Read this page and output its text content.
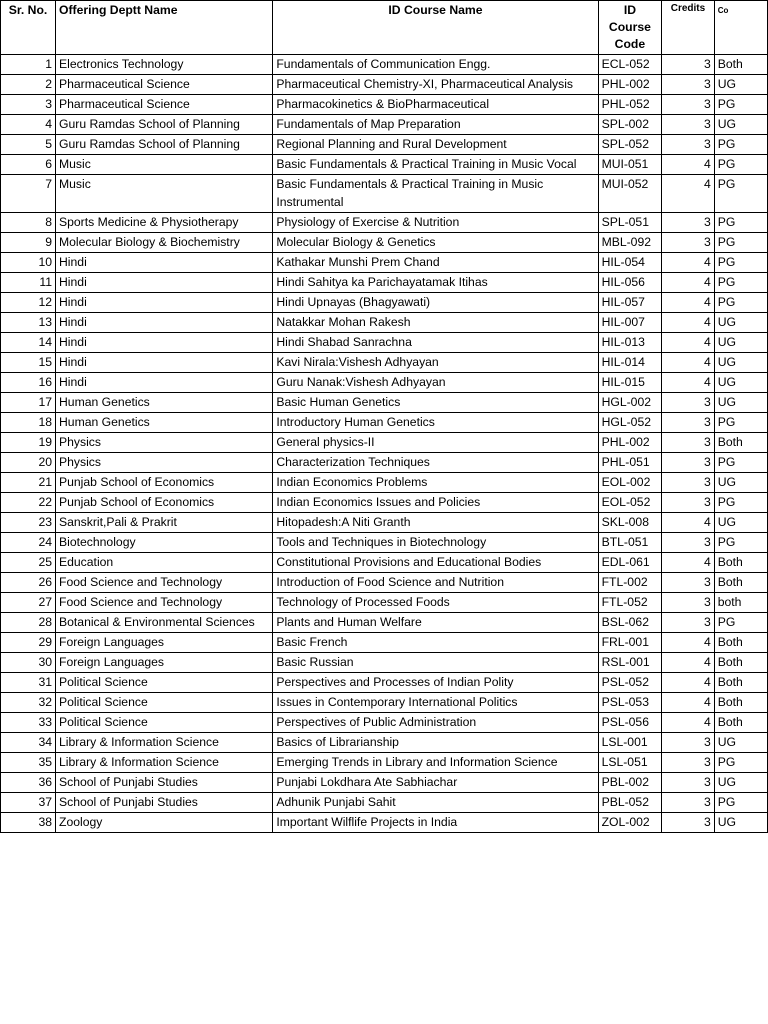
Sr. No.	Offering Deptt Name	ID Course Name	ID
Course
Code	Credits	Co
1	Electronics Technology	Fundamentals of Communication Engg.	ECL-052	3	Both
2	Pharmaceutical Science	Pharmaceutical Chemistry-XI, Pharmaceutical Analysis	PHL-002	3	UG
3	Pharmaceutical Science	Pharmacokinetics & BioPharmaceutical	PHL-052	3	PG
4	Guru Ramdas School of Planning	Fundamentals of Map Preparation	SPL-002	3	UG
5	Guru Ramdas School of Planning	Regional Planning and Rural Development	SPL-052	3	PG
6	Music	Basic Fundamentals & Practical Training in Music Vocal	MUI-051	4	PG
7	Music	Basic Fundamentals & Practical Training in Music Instrumental	MUI-052	4	PG
8	Sports Medicine & Physiotherapy	Physiology of Exercise & Nutrition	SPL-051	3	PG
9	Molecular Biology & Biochemistry	Molecular Biology & Genetics	MBL-092	3	PG
10	Hindi	Kathakar Munshi Prem Chand	HIL-054	4	PG
11	Hindi	Hindi Sahitya ka Parichayatamak Itihas	HIL-056	4	PG
12	Hindi	Hindi Upnayas (Bhagyawati)	HIL-057	4	PG
13	Hindi	Natakkar Mohan Rakesh	HIL-007	4	UG
14	Hindi	Hindi Shabad Sanrachna	HIL-013	4	UG
15	Hindi	Kavi Nirala:Vishesh Adhyayan	HIL-014	4	UG
16	Hindi	Guru Nanak:Vishesh Adhyayan	HIL-015	4	UG
17	Human Genetics	Basic Human Genetics	HGL-002	3	UG
18	Human Genetics	Introductory Human Genetics	HGL-052	3	PG
19	Physics	General physics-II	PHL-002	3	Both
20	Physics	Characterization Techniques	PHL-051	3	PG
21	Punjab School of Economics	Indian Economics Problems	EOL-002	3	UG
22	Punjab School of Economics	Indian Economics Issues and Policies	EOL-052	3	PG
23	Sanskrit,Pali & Prakrit	Hitopadesh:A Niti Granth	SKL-008	4	UG
24	Biotechnology	Tools and Techniques in Biotechnology	BTL-051	3	PG
25	Education	Constitutional Provisions and Educational Bodies	EDL-061	4	Both
26	Food Science and Technology	Introduction of Food Science and Nutrition	FTL-002	3	Both
27	Food Science and Technology	Technology of Processed Foods	FTL-052	3	both
28	Botanical & Environmental Sciences	Plants and Human Welfare	BSL-062	3	PG
29	Foreign Languages	Basic French	FRL-001	4	Both
30	Foreign Languages	Basic Russian	RSL-001	4	Both
31	Political Science	Perspectives and Processes of Indian Polity	PSL-052	4	Both
32	Political Science	Issues in Contemporary International Politics	PSL-053	4	Both
33	Political Science	Perspectives of Public Administration	PSL-056	4	Both
34	Library & Information Science	Basics of Librarianship	LSL-001	3	UG
35	Library & Information Science	Emerging Trends in Library and Information Science	LSL-051	3	PG
36	School of Punjabi Studies	Punjabi Lokdhara Ate Sabhiachar	PBL-002	3	UG
37	School of Punjabi Studies	Adhunik Punjabi Sahit	PBL-052	3	PG
38	Zoology	Important Wilflife Projects in India	ZOL-002	3	UG
